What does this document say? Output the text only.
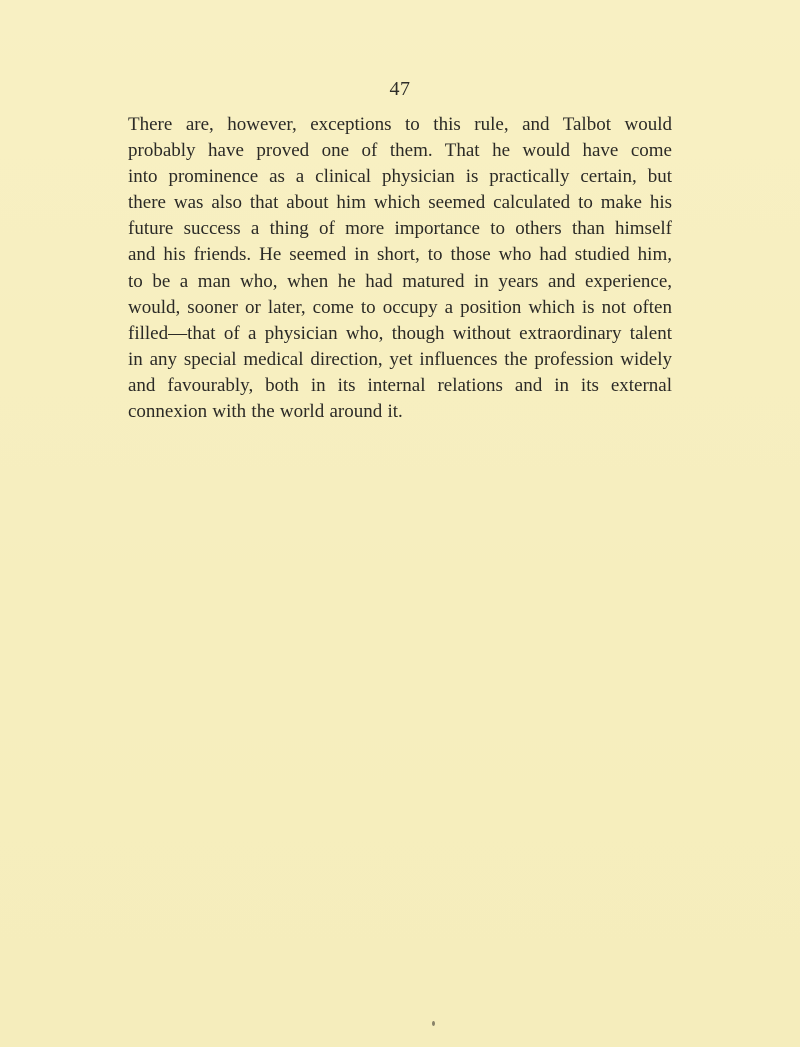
47
There are, however, exceptions to this rule, and Talbot would
probably have proved one of them. That he would have come
into prominence as a clinical physician is practically certain, but
there was also that about him which seemed calculated to make his
future success a thing of more importance to others than himself
and his friends. He seemed in short, to those who had studied him,
to be a man who, when he had matured in years and experience,
would, sooner or later, come to occupy a position which is not often
filled—that of a physician who, though without extraordinary talent
in any special medical direction, yet influences the profession widely
and favourably, both in its internal relations and in its external
connexion with the world around it.
